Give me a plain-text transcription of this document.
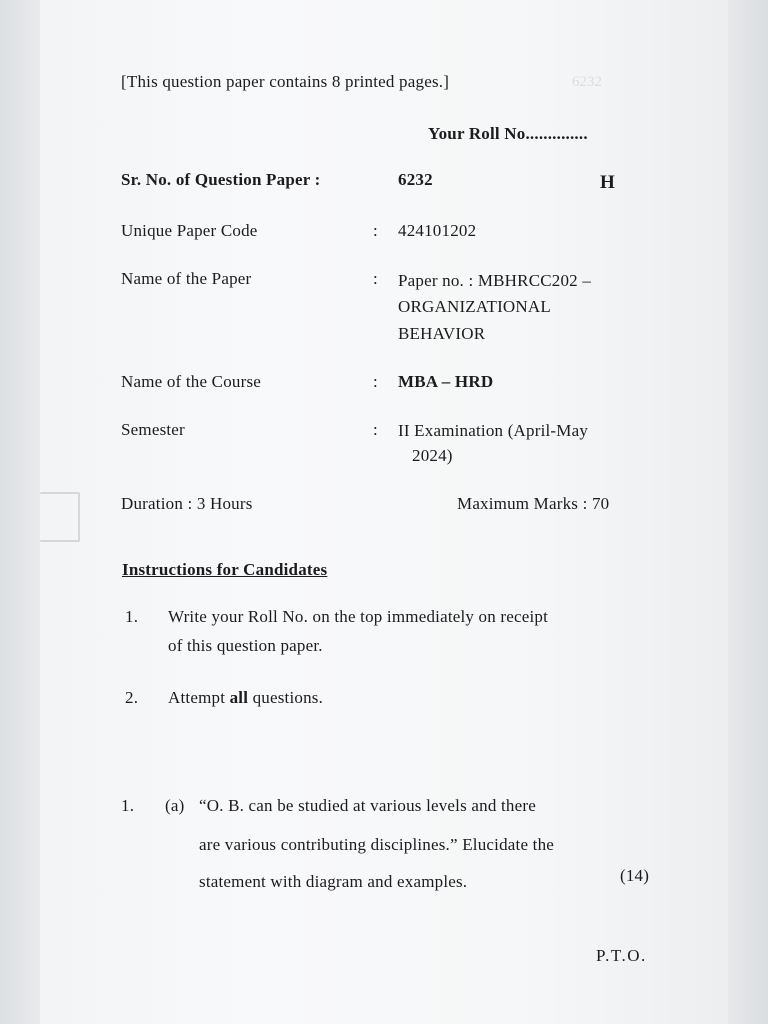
6232
[This question paper contains 8 printed pages.]
Your Roll No..............
Sr. No. of Question Paper :	6232	H
Unique Paper Code	: 424101202
Name of the Paper	: Paper no. : MBHRCC202 –
ORGANIZATIONAL
BEHAVIOR
Name of the Course	: MBA – HRD
Semester	: II Examination (April-May
2024)
Duration : 3 Hours	Maximum Marks : 70
Instructions for Candidates
1. Write your Roll No. on the top immediately on receipt
of this question paper.
2. Attempt all questions.
1. (a) “O. B. can be studied at various levels and there
are various contributing disciplines.” Elucidate the
statement with diagram and examples.	(14)
P.T.O.
